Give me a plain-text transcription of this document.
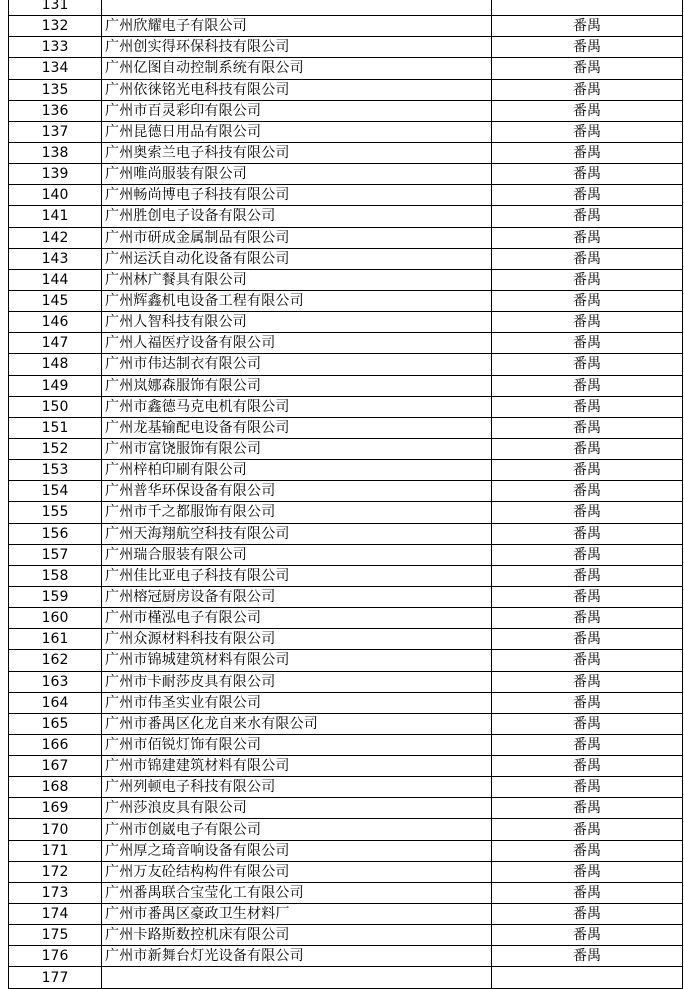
131		
132	广州欣耀电子有限公司	番禺
133	广州创实得环保科技有限公司	番禺
134	广州亿图自动控制系统有限公司	番禺
135	广州依徕铭光电科技有限公司	番禺
136	广州市百灵彩印有限公司	番禺
137	广州昆德日用品有限公司	番禺
138	广州奥索兰电子科技有限公司	番禺
139	广州唯尚服装有限公司	番禺
140	广州畅尚博电子科技有限公司	番禺
141	广州胜创电子设备有限公司	番禺
142	广州市研成金属制品有限公司	番禺
143	广州运沃自动化设备有限公司	番禺
144	广州林广餐具有限公司	番禺
145	广州辉鑫机电设备工程有限公司	番禺
146	广州人智科技有限公司	番禺
147	广州人福医疗设备有限公司	番禺
148	广州市伟达制衣有限公司	番禺
149	广州岚娜森服饰有限公司	番禺
150	广州市鑫德马克电机有限公司	番禺
151	广州龙基输配电设备有限公司	番禺
152	广州市富饶服饰有限公司	番禺
153	广州梓柏印刷有限公司	番禺
154	广州普华环保设备有限公司	番禺
155	广州市千之都服饰有限公司	番禺
156	广州天海翔航空科技有限公司	番禺
157	广州瑞合服装有限公司	番禺
158	广州佳比亚电子科技有限公司	番禺
159	广州榕冠厨房设备有限公司	番禺
160	广州市槿泓电子有限公司	番禺
161	广州众源材料科技有限公司	番禺
162	广州市锦城建筑材料有限公司	番禺
163	广州市卡耐莎皮具有限公司	番禺
164	广州市伟圣实业有限公司	番禺
165	广州市番禺区化龙自来水有限公司	番禺
166	广州市佰锐灯饰有限公司	番禺
167	广州市锦建建筑材料有限公司	番禺
168	广州列顿电子科技有限公司	番禺
169	广州莎浪皮具有限公司	番禺
170	广州市创崴电子有限公司	番禺
171	广州厚之琦音响设备有限公司	番禺
172	广州万友砼结构构件有限公司	番禺
173	广州番禺联合宝莹化工有限公司	番禺
174	广州市番禺区豪政卫生材料厂	番禺
175	广州卡路斯数控机床有限公司	番禺
176	广州市新舞台灯光设备有限公司	番禺
177		
